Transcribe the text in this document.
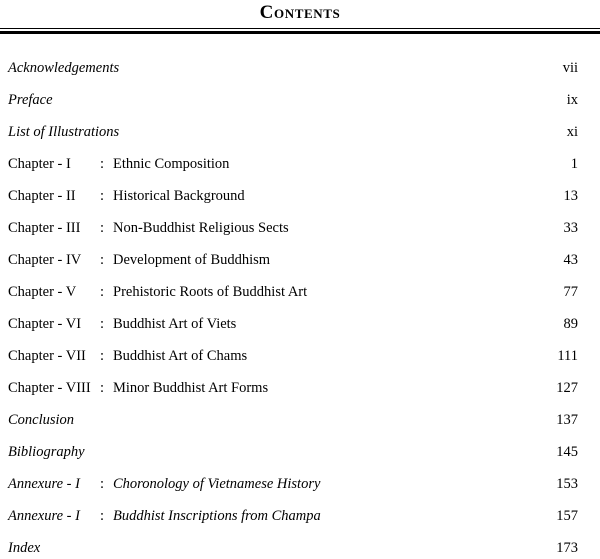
Contents
Acknowledgements	vii
Preface	ix
List of Illustrations	xi
Chapter - I : Ethnic Composition	1
Chapter - II : Historical Background	13
Chapter - III : Non-Buddhist Religious Sects	33
Chapter - IV : Development of Buddhism	43
Chapter - V : Prehistoric Roots of Buddhist Art	77
Chapter - VI : Buddhist Art of Viets	89
Chapter - VII : Buddhist Art of Chams	111
Chapter - VIII : Minor Buddhist Art Forms	127
Conclusion	137
Bibliography	145
Annexure - I : Choronology of Vietnamese History	153
Annexure - I : Buddhist Inscriptions from Champa	157
Index	173
